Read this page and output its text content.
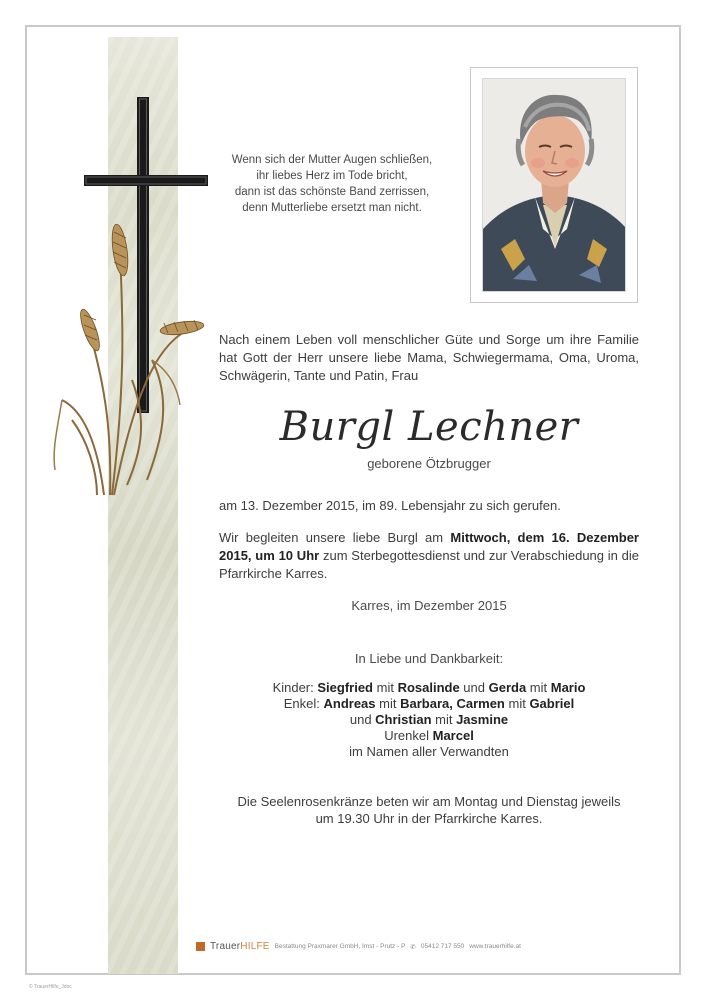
Wenn sich der Mutter Augen schließen,
ihr liebes Herz im Tode bricht,
dann ist das schönste Band zerrissen,
denn Mutterliebe ersetzt man nicht.
Nach einem Leben voll menschlicher Güte und Sorge um ihre Familie
hat Gott der Herr unsere liebe Mama, Schwiegermama, Oma, Uroma,
Schwägerin, Tante und Patin, Frau
Burgl Lechner
geborene Ötzbrugger
am 13. Dezember 2015, im 89. Lebensjahr zu sich gerufen.
Wir begleiten unsere liebe Burgl am Mittwoch, dem 16. Dezember
2015, um 10 Uhr zum Sterbegottesdienst und zur Verabschiedung in die
Pfarrkirche Karres.
Karres, im Dezember 2015
In Liebe und Dankbarkeit:
Kinder: Siegfried mit Rosalinde und Gerda mit Mario
Enkel: Andreas mit Barbara, Carmen mit Gabriel
und Christian mit Jasmine
Urenkel Marcel
im Namen aller Verwandten
Die Seelenrosenkränze beten wir am Montag und Dienstag jeweils
um 19.30 Uhr in der Pfarrkirche Karres.
TrauerHILFE Bestattung Praxmarer GmbH, Imst - Prutz - P ✆ 05412 717 550 www.trauerhilfe.at
© TrauerHilfe_Jdoc
